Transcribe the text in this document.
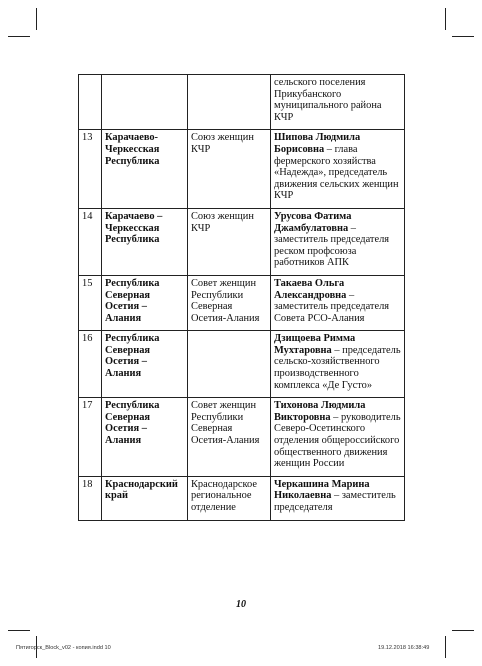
			сельского поселения Прикубанского муниципального района КЧР
13	Карачаево-Черкесская Республика	Союз женщин КЧР	Шипова Людмила Борисовна – глава фермерского хозяйства «Надежда», председатель движения сельских женщин КЧР
14	Карачаево – Черкесская Республика	Союз женщин КЧР	Урусова Фатима Джамбулатовна – заместитель председателя реском профсоюза работников АПК
15	Республика Северная Осетия – Алания	Совет женщин Республики Северная Осетия-Алания	Такаева Ольга Александровна – заместитель председателя Совета РСО-Алания
16	Республика Северная Осетия – Алания		Дзищоева Римма Мухтаровна – председатель сельско-хозяйственного производственного комплекса «Де Густо»
17	Республика Северная Осетия – Алания	Совет женщин Республики Северная Осетия-Алания	Тихонова Людмила Викторовна – руководитель Северо-Осетинского отделения общероссийского общественного движения женщин России
18	Краснодарский край	Краснодарское региональное отделение	Черкашина Марина Николаевна – заместитель председателя
10
Пятигорск_Block_v02 - копия.indd 10	19.12.2018 16:38:49
